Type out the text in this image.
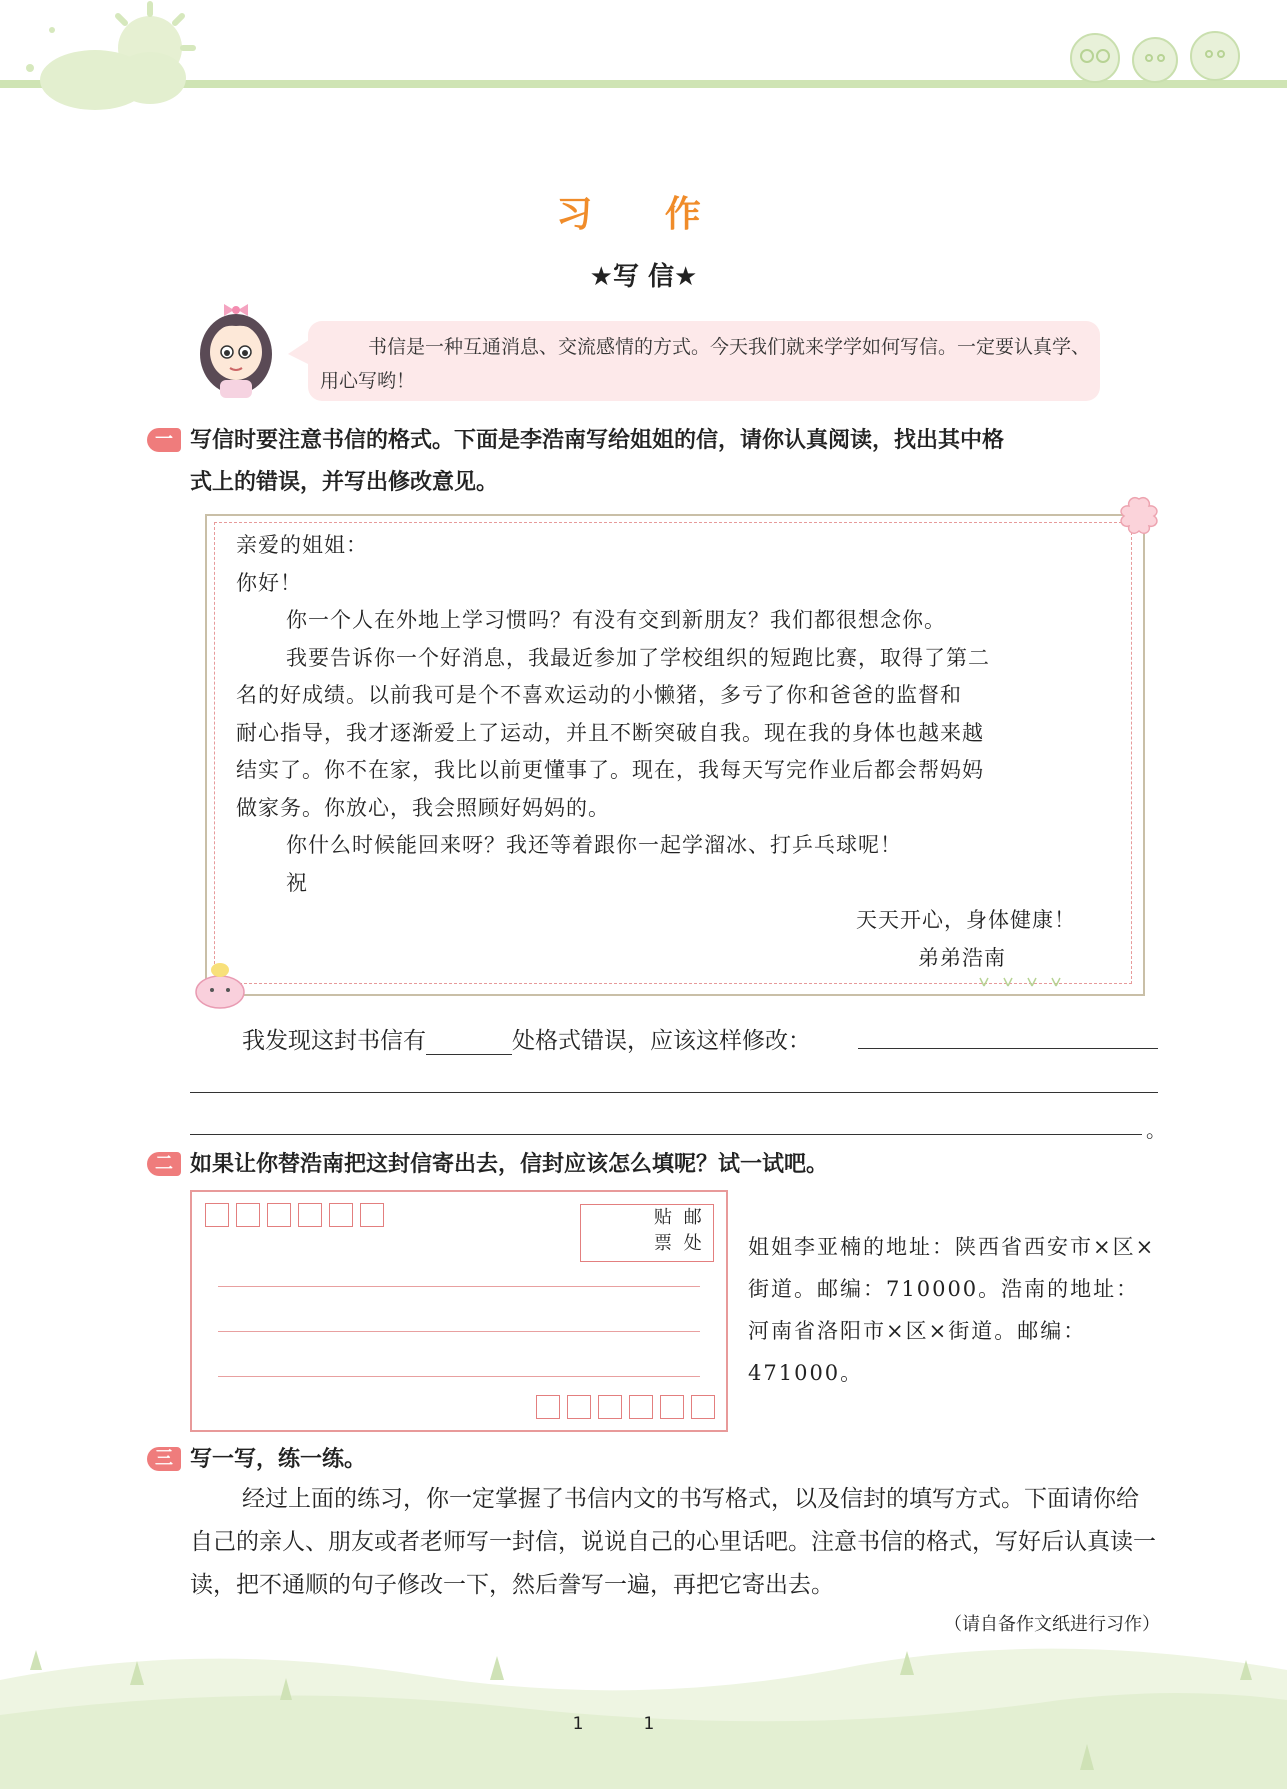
习 作
★写 信★
书信是一种互通消息、交流感情的方式。今天我们就来学学如何写信。一定要认真学、用心写哟！
一 写信时要注意书信的格式。下面是李浩南写给姐姐的信，请你认真阅读，找出其中格
式上的错误，并写出修改意见。
亲爱的姐姐：
你好！
你一个人在外地上学习惯吗？有没有交到新朋友？我们都很想念你。
我要告诉你一个好消息，我最近参加了学校组织的短跑比赛，取得了第二
名的好成绩。以前我可是个不喜欢运动的小懒猪，多亏了你和爸爸的监督和
耐心指导，我才逐渐爱上了运动，并且不断突破自我。现在我的身体也越来越
结实了。你不在家，我比以前更懂事了。现在，我每天写完作业后都会帮妈妈
做家务。你放心，我会照顾好妈妈的。
你什么时候能回来呀？我还等着跟你一起学溜冰、打乒乓球呢！
祝
天天开心，身体健康！
弟弟浩南
我发现这封书信有	处格式错误，应该这样修改：
。
二 如果让你替浩南把这封信寄出去，信封应该怎么填呢？试一试吧。
贴 邮 票 处 姐姐李亚楠的地址：陕西省西安市×区×街道。邮编：710000。浩南的地址：河南省洛阳市×区×街道。邮编：471000。
三 写一写，练一练。
经过上面的练习，你一定掌握了书信内文的书写格式，以及信封的填写方式。下面请你给自己的亲人、朋友或者老师写一封信，说说自己的心里话吧。注意书信的格式，写好后认真读一读，把不通顺的句子修改一下，然后誊写一遍，再把它寄出去。
（请自备作文纸进行习作）
11
